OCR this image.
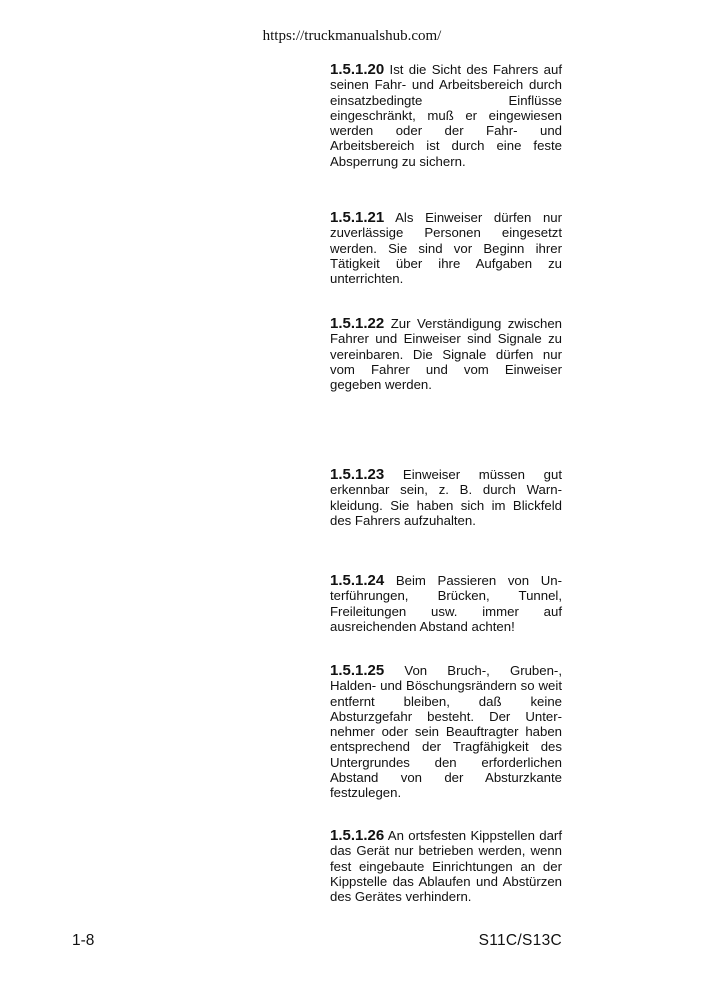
https://truckmanualshub.com/
1.5.1.20 Ist die Sicht des Fahrers auf seinen Fahr- und Arbeitsbereich durch einsatzbedingte Einflüsse eingeschränkt, muß er eingewiesen werden oder der Fahr- und Arbeitsbereich ist durch eine feste Absperrung zu sichern.
1.5.1.21 Als Einweiser dürfen nur zuverlässige Personen eingesetzt werden. Sie sind vor Beginn ihrer Tätigkeit über ihre Aufgaben zu unterrichten.
1.5.1.22 Zur Verständigung zwischen Fahrer und Einweiser sind Signale zu vereinbaren. Die Signale dürfen nur vom Fahrer und vom Einweiser gegeben werden.
1.5.1.23 Einweiser müssen gut erkennbar sein, z. B. durch Warnkleidung. Sie haben sich im Blickfeld des Fahrers aufzuhalten.
1.5.1.24 Beim Passieren von Unterführungen, Brücken, Tunnel, Freileitungen usw. immer auf ausreichenden Abstand achten!
1.5.1.25 Von Bruch-, Gruben-, Halden- und Böschungsrändern so weit entfernt bleiben, daß keine Absturzgefahr besteht. Der Unternehmer oder sein Beauftragter haben entsprechend der Tragfähigkeit des Untergrundes den erforderlichen Abstand von der Absturzkante festzulegen.
1.5.1.26 An ortsfesten Kippstellen darf das Gerät nur betrieben werden, wenn fest eingebaute Einrichtungen an der Kippstelle das Ablaufen und Abstürzen des Gerätes verhindern.
1-8	S11C/S13C
